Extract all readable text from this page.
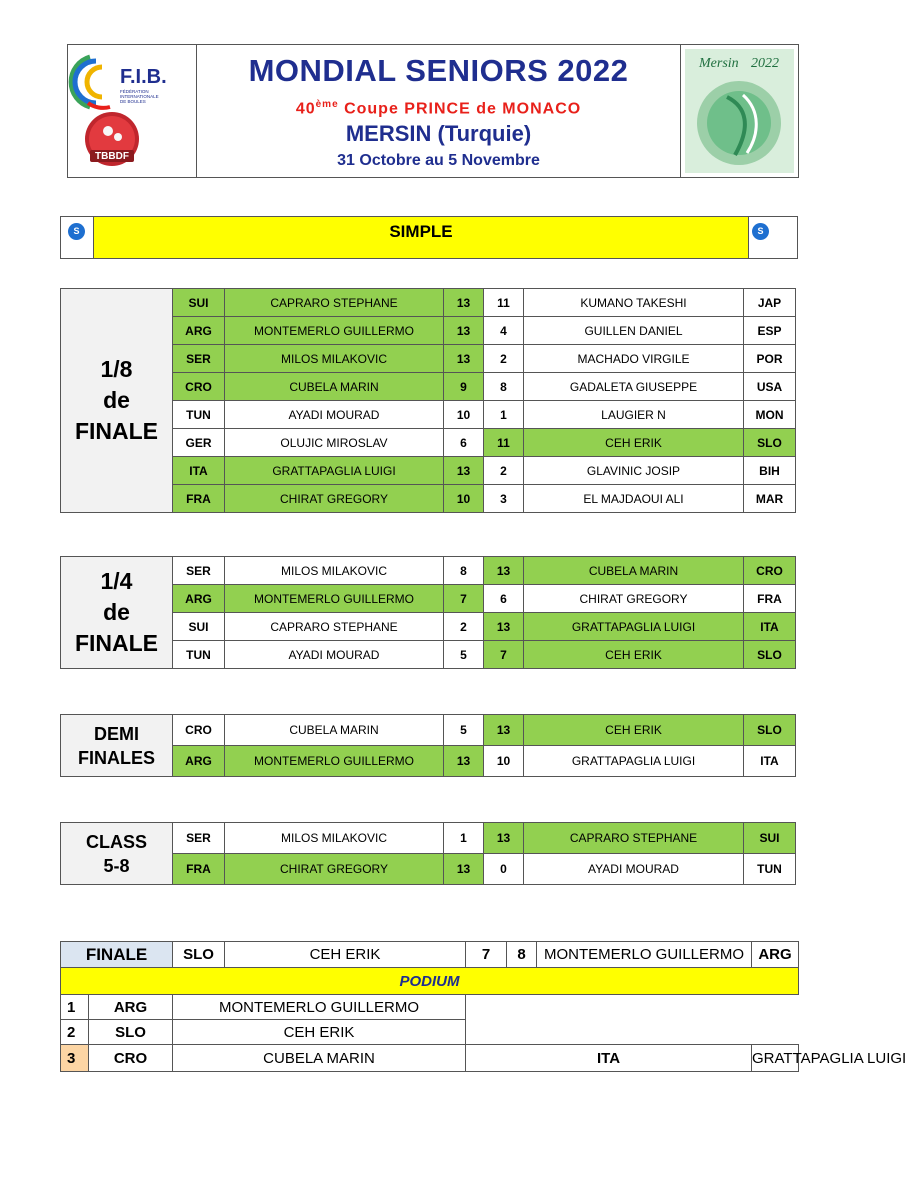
F.I.B.
FÉDÉRATION
INTERNATIONALE
DE BOULES
TBBDF
2000
MONDIAL SENIORS 2022
40ème Coupe PRINCE de MONACO
MERSIN (Turquie)
31 Octobre au 5 Novembre
Mersin 2022
S	SIMPLE	S
1/8
de
FINALE	SUI	CAPRARO STEPHANE	13	11	KUMANO TAKESHI	JAP
	ARG	MONTEMERLO GUILLERMO	13	4	GUILLEN DANIEL	ESP
	SER	MILOS MILAKOVIC	13	2	MACHADO VIRGILE	POR
	CRO	CUBELA MARIN	9	8	GADALETA GIUSEPPE	USA
	TUN	AYADI MOURAD	10	1	LAUGIER N	MON
	GER	OLUJIC MIROSLAV	6	11	CEH ERIK	SLO
	ITA	GRATTAPAGLIA LUIGI	13	2	GLAVINIC JOSIP	BIH
	FRA	CHIRAT GREGORY	10	3	EL MAJDAOUI ALI	MAR
1/4
de
FINALE	SER	MILOS MILAKOVIC	8	13	CUBELA MARIN	CRO
	ARG	MONTEMERLO GUILLERMO	7	6	CHIRAT GREGORY	FRA
	SUI	CAPRARO STEPHANE	2	13	GRATTAPAGLIA LUIGI	ITA
	TUN	AYADI MOURAD	5	7	CEH ERIK	SLO
DEMI
FINALES	CRO	CUBELA MARIN	5	13	CEH ERIK	SLO
	ARG	MONTEMERLO GUILLERMO	13	10	GRATTAPAGLIA LUIGI	ITA
CLASS
5-8	SER	MILOS MILAKOVIC	1	13	CAPRARO STEPHANE	SUI
	FRA	CHIRAT GREGORY	13	0	AYADI MOURAD	TUN
FINALE		SLO	CEH ERIK	7	8	MONTEMERLO GUILLERMO	ARG
PODIUM							
1	ARG	MONTEMERLO GUILLERMO					
2	SLO	CEH ERIK					
3	CRO	CUBELA MARIN		ITA			GRATTAPAGLIA LUIGI
